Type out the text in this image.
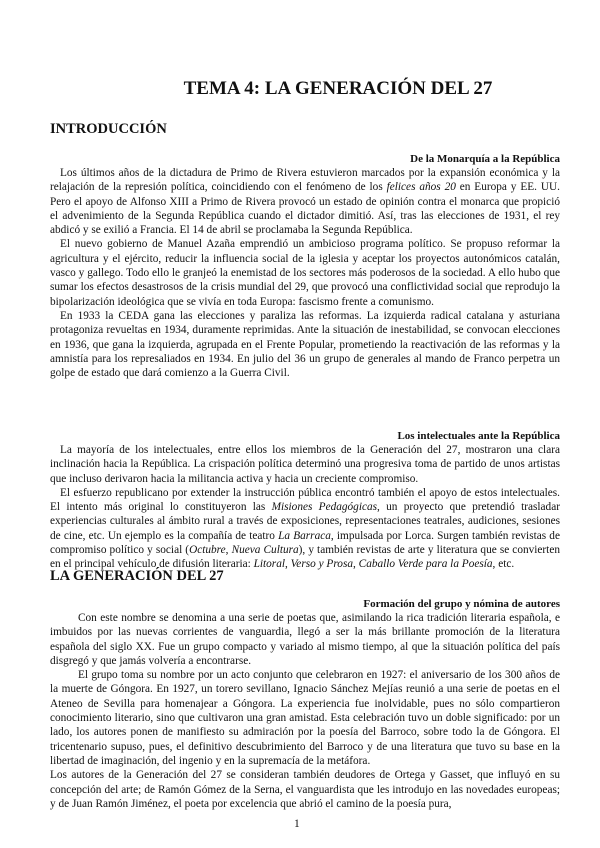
TEMA 4: LA GENERACIÓN DEL 27
INTRODUCCIÓN
De la Monarquía a la República

Los últimos años de la dictadura de Primo de Rivera estuvieron marcados por la expansión económica y la relajación de la represión política, coincidiendo con el fenómeno de los felices años 20 en Europa y EE. UU. Pero el apoyo de Alfonso XIII a Primo de Rivera provocó un estado de opinión contra el monarca que propició el advenimiento de la Segunda República cuando el dictador dimitió. Así, tras las elecciones de 1931, el rey abdicó y se exilió a Francia. El 14 de abril se proclamaba la Segunda República.

El nuevo gobierno de Manuel Azaña emprendió un ambicioso programa político. Se propuso reformar la agricultura y el ejército, reducir la influencia social de la iglesia y aceptar los proyectos autonómicos catalán, vasco y gallego. Todo ello le granjeó la enemistad de los sectores más poderosos de la sociedad. A ello hubo que sumar los efectos desastrosos de la crisis mundial del 29, que provocó una conflictividad social que reprodujo la bipolarización ideológica que se vivía en toda Europa: fascismo frente a comunismo.

En 1933 la CEDA gana las elecciones y paraliza las reformas. La izquierda radical catalana y asturiana protagoniza revueltas en 1934, duramente reprimidas. Ante la situación de inestabilidad, se convocan elecciones en 1936, que gana la izquierda, agrupada en el Frente Popular, prometiendo la reactivación de las reformas y la amnistía para los represaliados en 1934. En julio del 36 un grupo de generales al mando de Franco perpetra un golpe de estado que dará comienzo a la Guerra Civil.

Los intelectuales ante la República

La mayoría de los intelectuales, entre ellos los miembros de la Generación del 27, mostraron una clara inclinación hacia la República. La crispación política determinó una progresiva toma de partido de unos artistas que incluso derivaron hacia la militancia activa y hacia un creciente compromiso.

El esfuerzo republicano por extender la instrucción pública encontró también el apoyo de estos intelectuales. El intento más original lo constituyeron las Misiones Pedagógicas, un proyecto que pretendió trasladar experiencias culturales al ámbito rural a través de exposiciones, representaciones teatrales, audiciones, sesiones de cine, etc. Un ejemplo es la compañía de teatro La Barraca, impulsada por Lorca. Surgen también revistas de compromiso político y social (Octubre, Nueva Cultura), y también revistas de arte y literatura que se convierten en el principal vehículo de difusión literaria: Litoral, Verso y Prosa, Caballo Verde para la Poesía, etc.

LA GENERACIÓN DEL 27
Formación del grupo y nómina de autores

Con este nombre se denomina a una serie de poetas que, asimilando la rica tradición literaria española, e imbuidos por las nuevas corrientes de vanguardia, llegó a ser la más brillante promoción de la literatura española del siglo XX. Fue un grupo compacto y variado al mismo tiempo, al que la situación política del país disgregó y que jamás volvería a encontrarse.

El grupo toma su nombre por un acto conjunto que celebraron en 1927: el aniversario de los 300 años de la muerte de Góngora. En 1927, un torero sevillano, Ignacio Sánchez Mejías reunió a una serie de poetas en el Ateneo de Sevilla para homenajear a Góngora. La experiencia fue inolvidable, pues no sólo compartieron conocimiento literario, sino que cultivaron una gran amistad. Esta celebración tuvo un doble significado: por un lado, los autores ponen de manifiesto su admiración por la poesía del Barroco, sobre todo la de Góngora. El tricentenario supuso, pues, el definitivo descubrimiento del Barroco y de una literatura que tuvo su base en la libertad de imaginación, del ingenio y en la supremacía de la metáfora.

Los autores de la Generación del 27 se consideran también deudores de Ortega y Gasset, que influyó en su concepción del arte; de Ramón Gómez de la Serna, el vanguardista que les introdujo en las novedades europeas; y de Juan Ramón Jiménez, el poeta por excelencia que abrió el camino de la poesía pura,

1
